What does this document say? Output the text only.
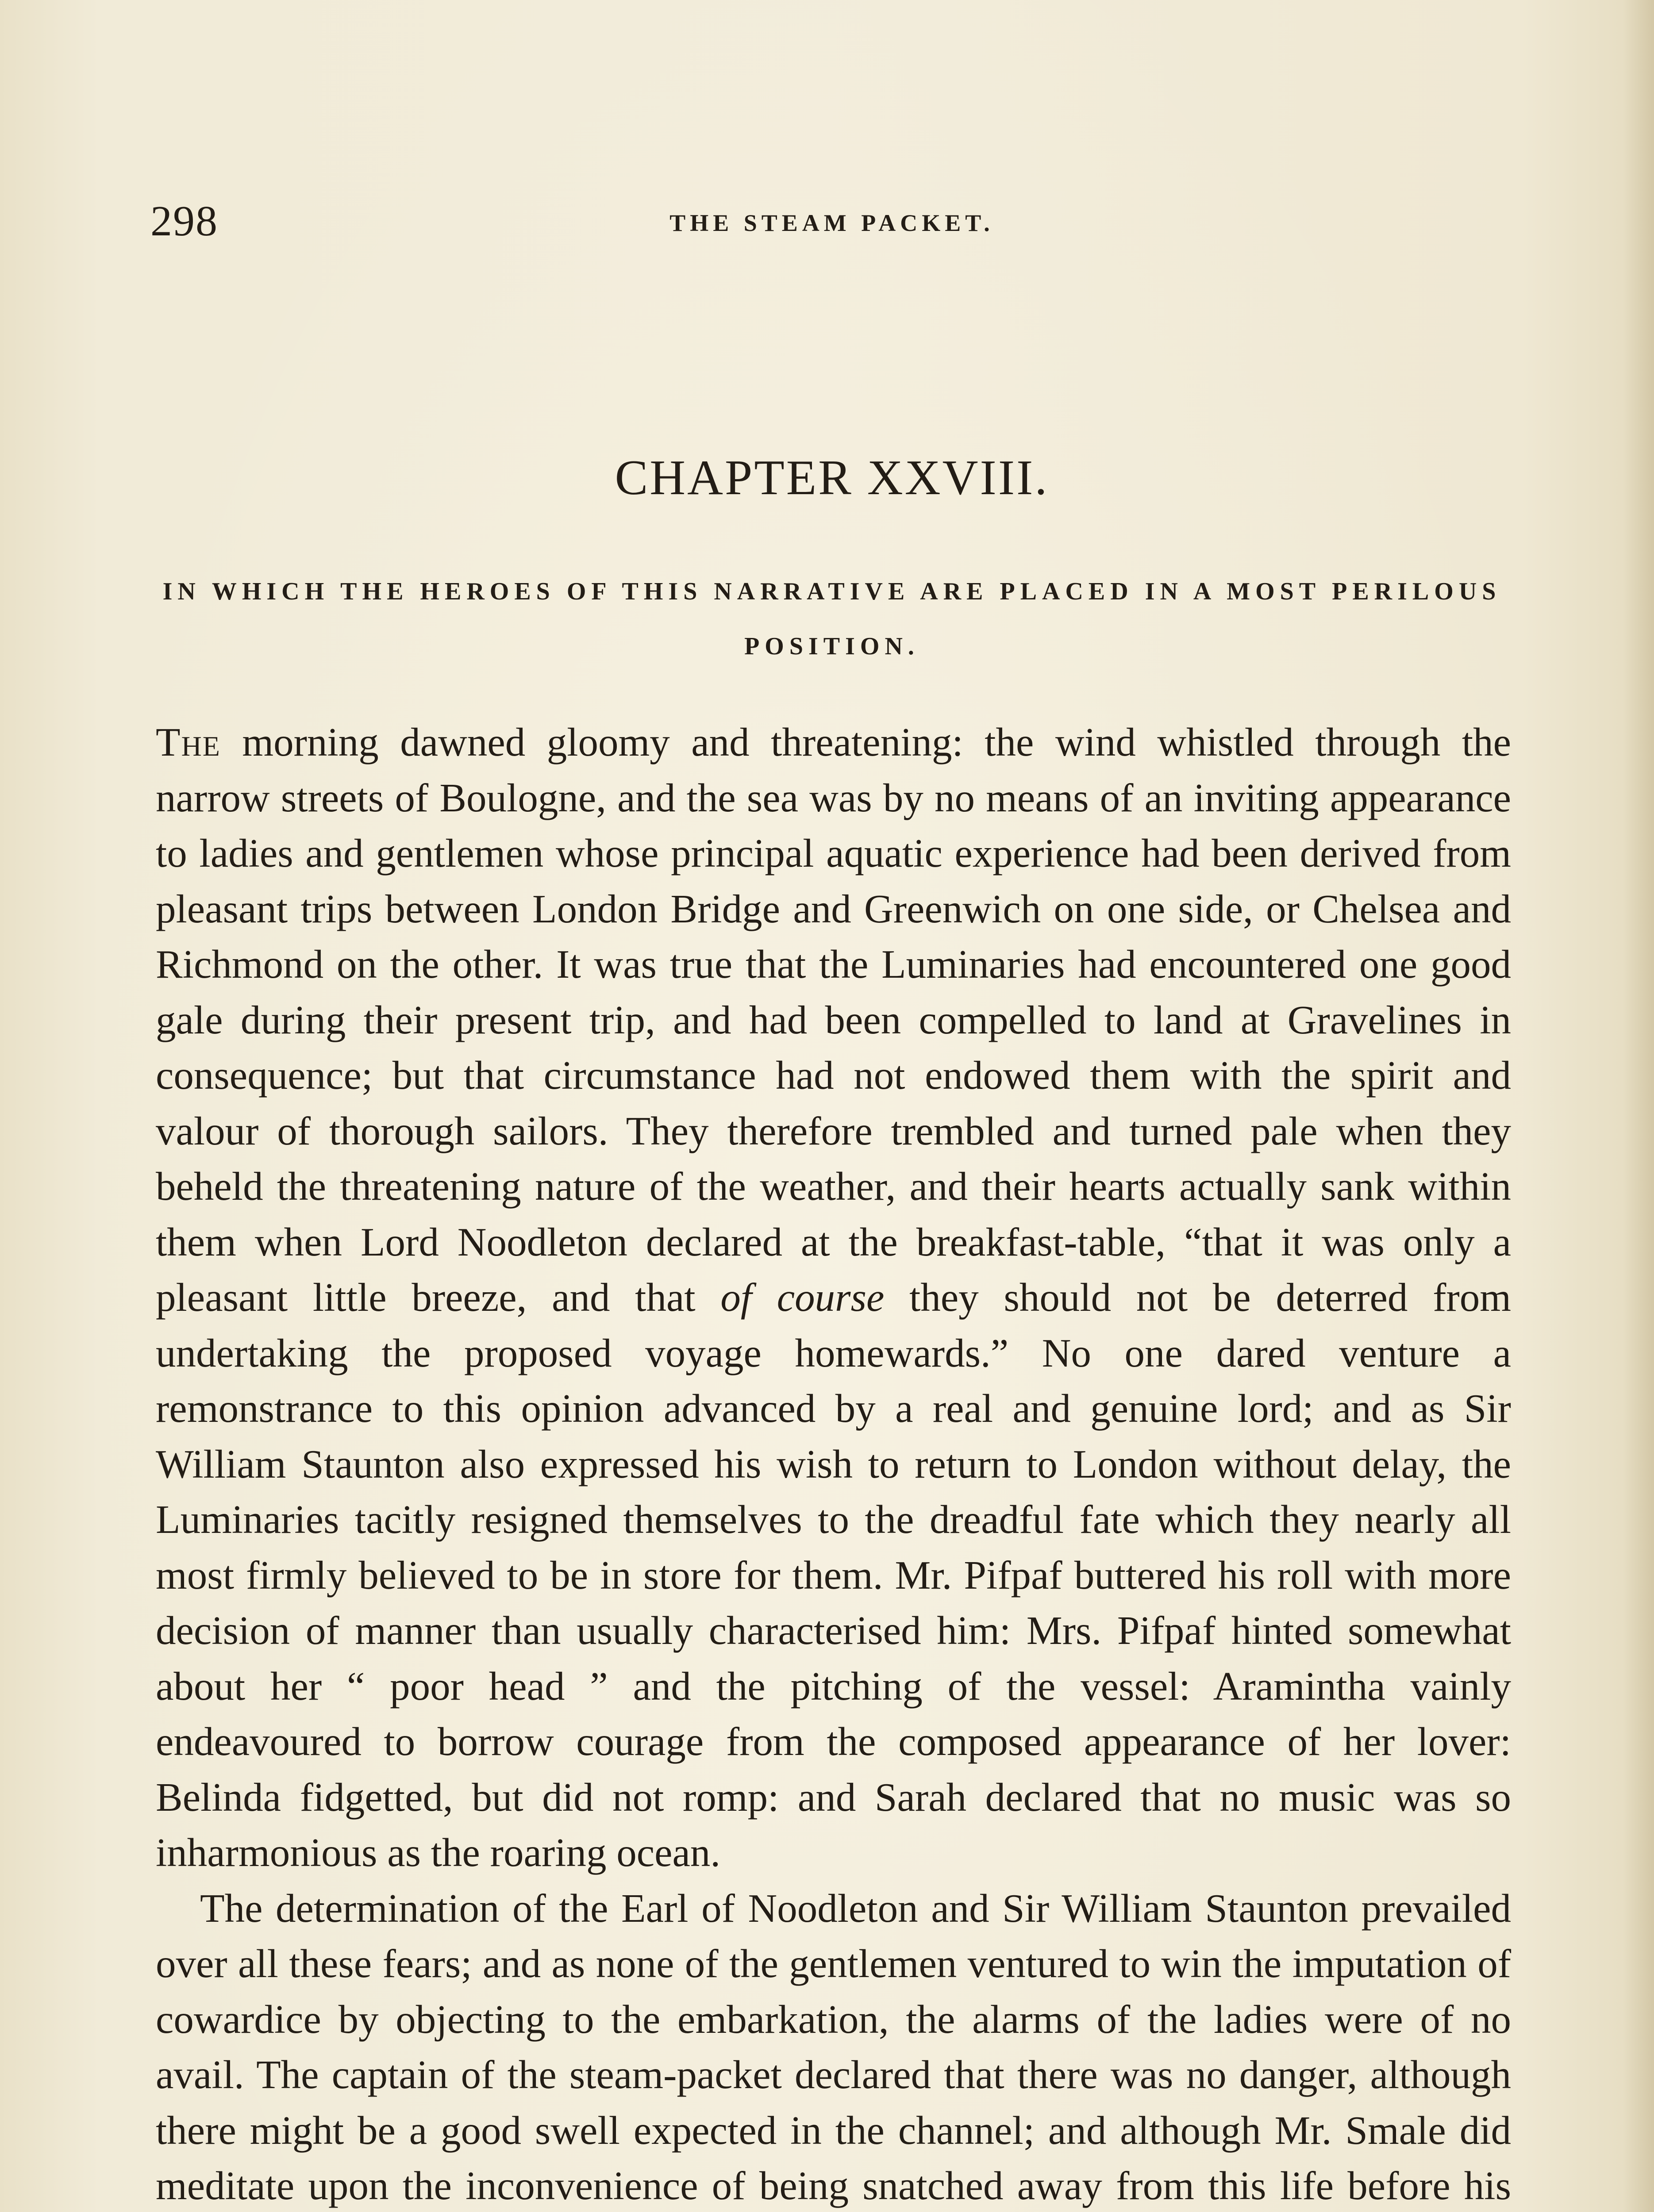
298	THE STEAM PACKET.
CHAPTER XXVIII.
IN WHICH THE HEROES OF THIS NARRATIVE ARE PLACED IN A MOST PERILOUS POSITION.

The morning dawned gloomy and threatening: the wind whistled through the narrow streets of Boulogne, and the sea was by no means of an inviting appearance to ladies and gentlemen whose principal aquatic experience had been derived from pleasant trips between London Bridge and Greenwich on one side, or Chelsea and Richmond on the other. It was true that the Luminaries had encountered one good gale during their present trip, and had been compelled to land at Gravelines in consequence; but that circumstance had not endowed them with the spirit and valour of thorough sailors. They therefore trembled and turned pale when they beheld the threatening nature of the weather, and their hearts actually sank within them when Lord Noodleton declared at the breakfast-table, “that it was only a pleasant little breeze, and that of course they should not be deterred from undertaking the proposed voyage homewards.” No one dared venture a remonstrance to this opinion advanced by a real and genuine lord; and as Sir William Staunton also expressed his wish to return to London without delay, the Luminaries tacitly resigned themselves to the dreadful fate which they nearly all most firmly believed to be in store for them. Mr. Pifpaf buttered his roll with more decision of manner than usually characterised him: Mrs. Pifpaf hinted somewhat about her “ poor head ” and the pitching of the vessel: Aramintha vainly endeavoured to borrow courage from the composed appearance of her lover: Belinda fidgetted, but did not romp: and Sarah declared that no music was so inharmonious as the roaring ocean.

The determination of the Earl of Noodleton and Sir William Staunton prevailed over all these fears; and as none of the gentlemen ventured to win the imputation of cowardice by objecting to the embarkation, the alarms of the ladies were of no avail. The captain of the steam-packet declared that there was no danger, although there might be a good swell expected in the channel; and although Mr. Smale did meditate upon the inconvenience of being snatched away from this life before his
